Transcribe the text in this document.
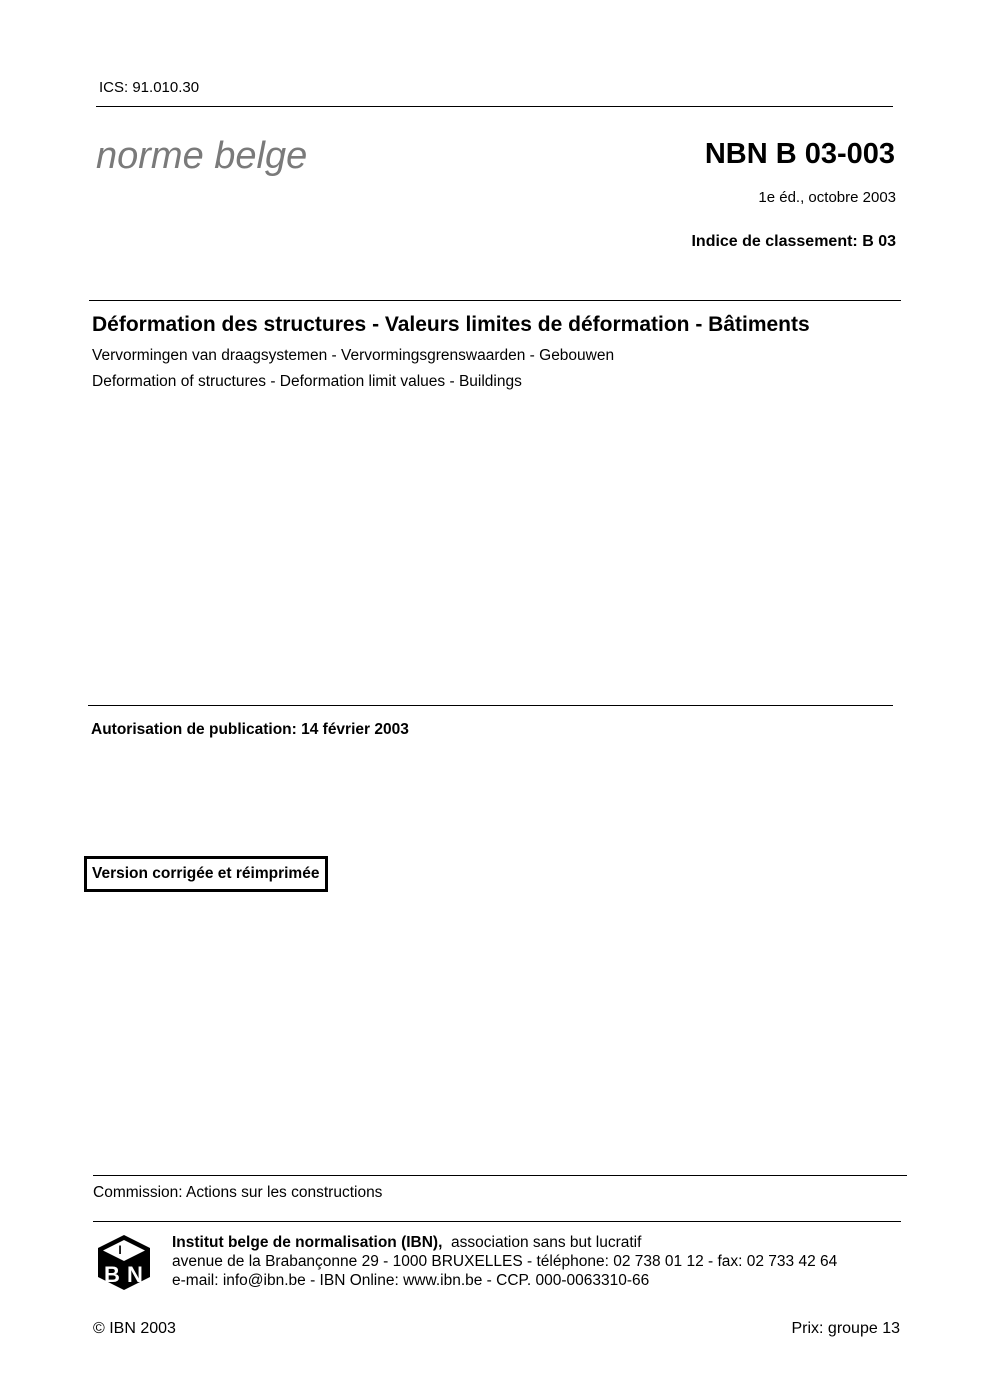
ICS: 91.010.30
norme belge	NBN B 03-003
1e éd., octobre 2003
Indice de classement: B 03
Déformation des structures - Valeurs limites de déformation - Bâtiments
Vervormingen van draagsystemen - Vervormingsgrenswaarden - Gebouwen
Deformation of structures - Deformation limit values - Buildings
Autorisation de publication: 14 février 2003
Version corrigée et réimprimée
Commission: Actions sur les constructions
I
B N
Institut belge de normalisation (IBN), association sans but lucratif
avenue de la Brabançonne 29 - 1000 BRUXELLES - téléphone: 02 738 01 12 - fax: 02 733 42 64
e-mail: info@ibn.be - IBN Online: www.ibn.be - CCP. 000-0063310-66
© IBN 2003	Prix: groupe 13
